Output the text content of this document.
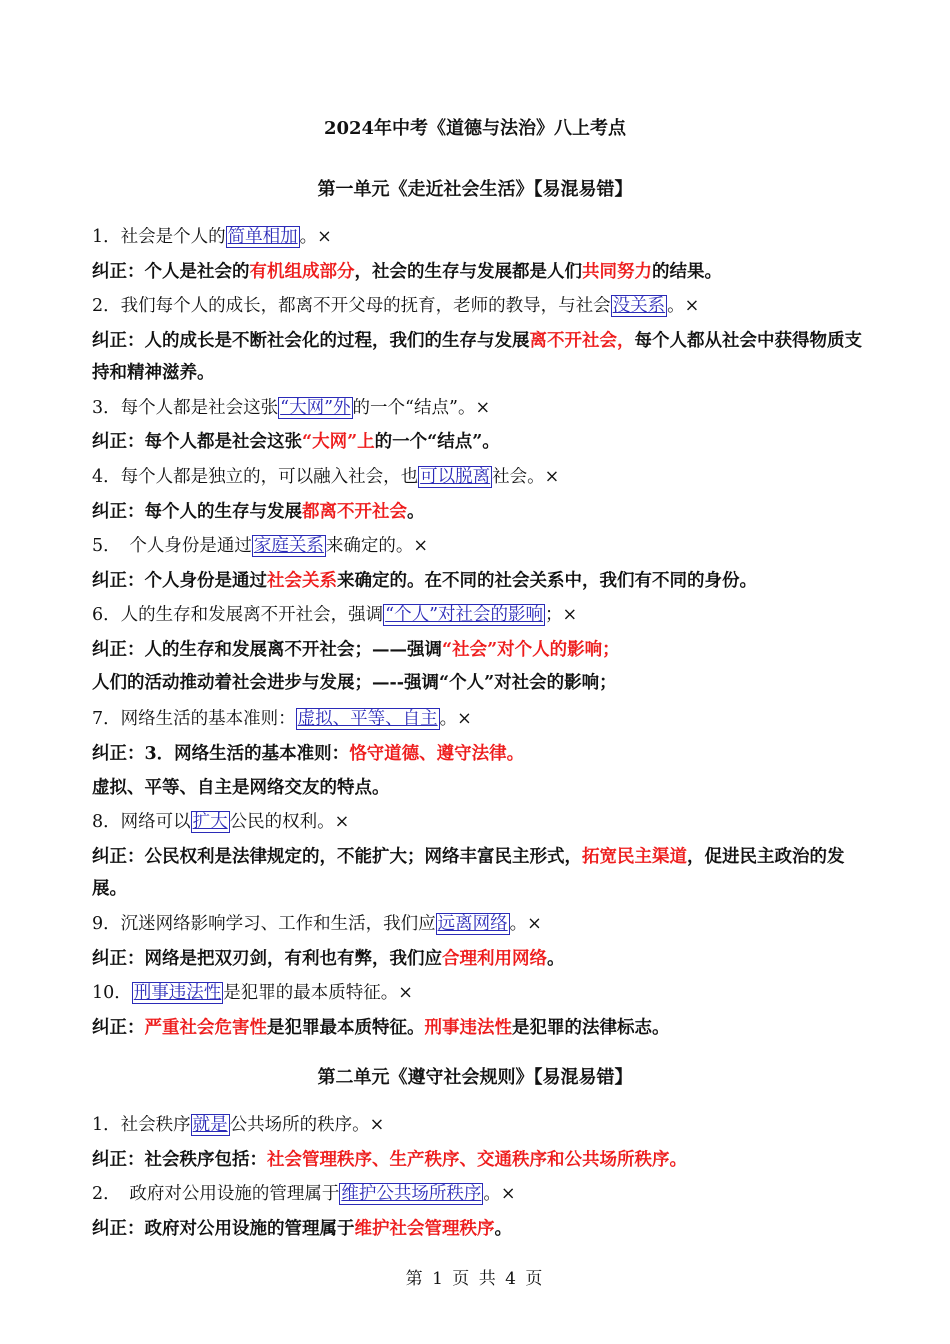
2024年中考《道德与法治》八上考点
第一单元《走近社会生活》【易混易错】
1．社会是个人的 简单相加 。×
纠正：个人是社会的有机组成部分，社会的生存与发展都是人们共同努力的结果。
2．我们每个人的成长，都离不开父母的抚育，老师的教导，与社会 没关系 。×
纠正：人的成长是不断社会化的过程，我们的生存与发展离不开社会，每个人都从社会中获得物质支持和精神滋养。
3．每个人都是社会这张 “大网”外 的一个“结点”。×
纠正：每个人都是社会这张“大网”上的一个“结点”。
4．每个人都是独立的，可以融入社会，也 可以脱离 社会。×
纠正：每个人的生存与发展都离不开社会。
5．　个人身份是通过 家庭关系 来确定的。×
纠正：个人身份是通过社会关系来确定的。在不同的社会关系中，我们有不同的身份。
6．人的生存和发展离不开社会，强调 “个人”对社会的影响 ；×
纠正：人的生存和发展离不开社会；——强调“社会”对个人的影响；
人们的活动推动着社会进步与发展；—--强调“个人”对社会的影响；
7．网络生活的基本准则： 虚拟、平等、自主 。×
纠正：3．网络生活的基本准则：恪守道德、遵守法律。
虚拟、平等、自主是网络交友的特点。
8．网络可以 扩大 公民的权利。×
纠正：公民权利是法律规定的，不能扩大；网络丰富民主形式，拓宽民主渠道，促进民主政治的发展。
9．沉迷网络影响学习、工作和生活，我们应 远离网络 。×
纠正：网络是把双刃剑，有利也有弊，我们应合理利用网络。
10． 刑事违法性 是犯罪的最本质特征。×
纠正：严重社会危害性是犯罪最本质特征。刑事违法性是犯罪的法律标志。
第二单元《遵守社会规则》【易混易错】
1．社会秩序 就是 公共场所的秩序。×
纠正：社会秩序包括：社会管理秩序、生产秩序、交通秩序和公共场所秩序。
2．　政府对公用设施的管理属于 维护公共场所秩序 。×
纠正：政府对公用设施的管理属于维护社会管理秩序。
第 1 页 共 4 页
